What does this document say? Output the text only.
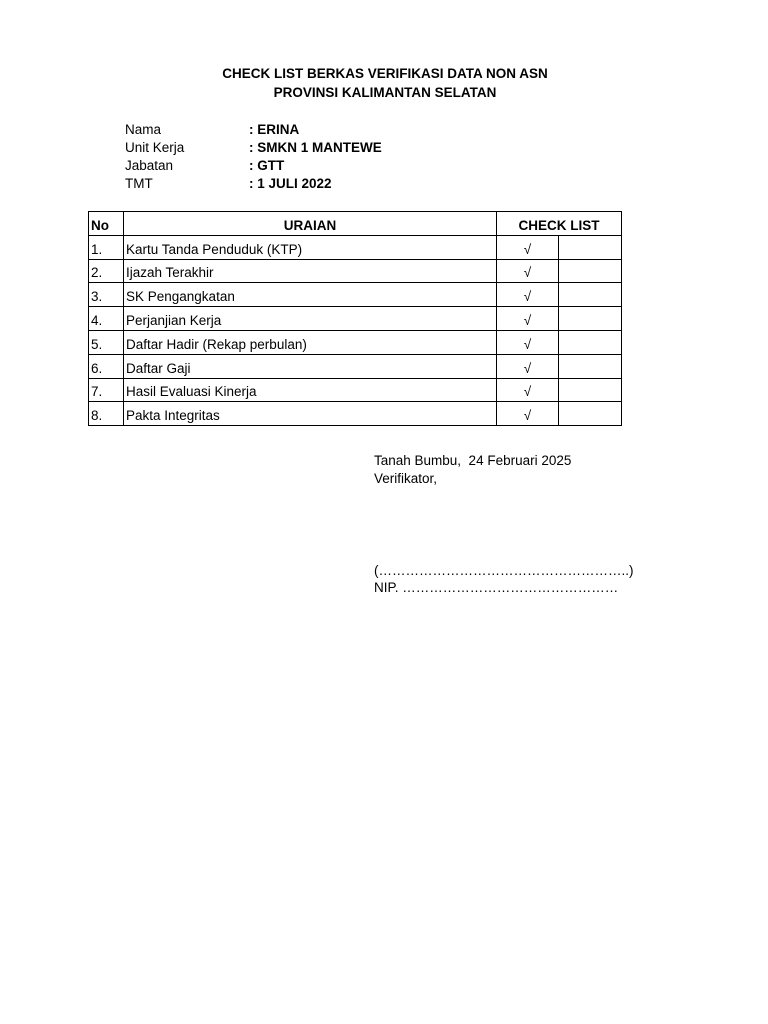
CHECK LIST BERKAS VERIFIKASI DATA NON ASN
PROVINSI KALIMANTAN SELATAN
Nama	: ERINA
Unit Kerja	: SMKN 1 MANTEWE
Jabatan	: GTT
TMT	: 1 JULI 2022
No	URAIAN	CHECK LIST	
1.	Kartu Tanda Penduduk (KTP)	√	
2.	Ijazah Terakhir	√	
3.	SK Pengangkatan	√	
4.	Perjanjian Kerja	√	
5.	Daftar Hadir (Rekap perbulan)	√	
6.	Daftar Gaji	√	
7.	Hasil Evaluasi Kinerja	√	
8.	Pakta Integritas	√	
Tanah Bumbu,  24 Februari 2025
Verifikator,
(………………………………………………..)
NIP. …………………………………………
